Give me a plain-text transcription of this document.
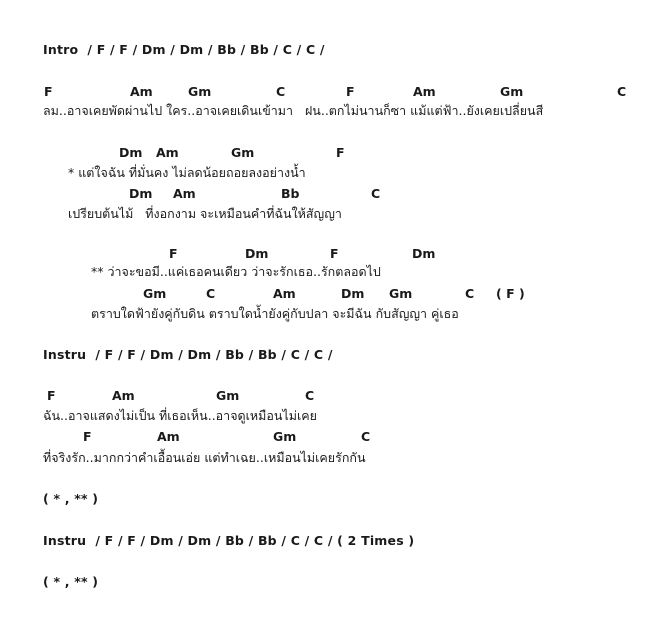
Intro  / F / F / Dm / Dm / Bb / Bb / C / C /

F

	Am

	Gm

	C

	F

	Am

	Gm

	C

ลม..อาจเคยพัดผ่านไป ใคร..อาจเคยเดินเข้ามา   ฝน..ตกไม่นานก็ซา แม้แต่ฟ้า..ยังเคยเปลี่ยนสี

Dm

Am

	Gm

	F

* แต่ใจฉัน ที่มั่นคง ไม่ลดน้อยถอยลงอย่างน้ำ

Dm

Am

	Bb

	C

เปรียบต้นไม้   ที่งอกงาม จะเหมือนคำที่ฉันให้สัญญา

F

	Dm

	F

	Dm

** ว่าจะขอมี..แค่เธอคนเดียว ว่าจะรักเธอ..รักตลอดไป

Gm

	C

	Am

	Dm

Gm

	C

( F )

ตราบใดฟ้ายังคู่กับดิน ตราบใดน้ำยังคู่กับปลา จะมีฉัน กับสัญญา คู่เธอ
Instru  / F / F / Dm / Dm / Bb / Bb / C / C /

F

	Am

	Gm

	C

ฉัน..อาจแสดงไม่เป็น ที่เธอเห็น..อาจดูเหมือนไม่เคย

F

	Am

	Gm

	C

ที่จริงรัก..มากกว่าคำเอื้อนเอ่ย แต่ทำเฉย..เหมือนไม่เคยรักกัน
( * , ** )
Instru  / F / F / Dm / Dm / Bb / Bb / C / C / ( 2 Times )
( * , ** )
